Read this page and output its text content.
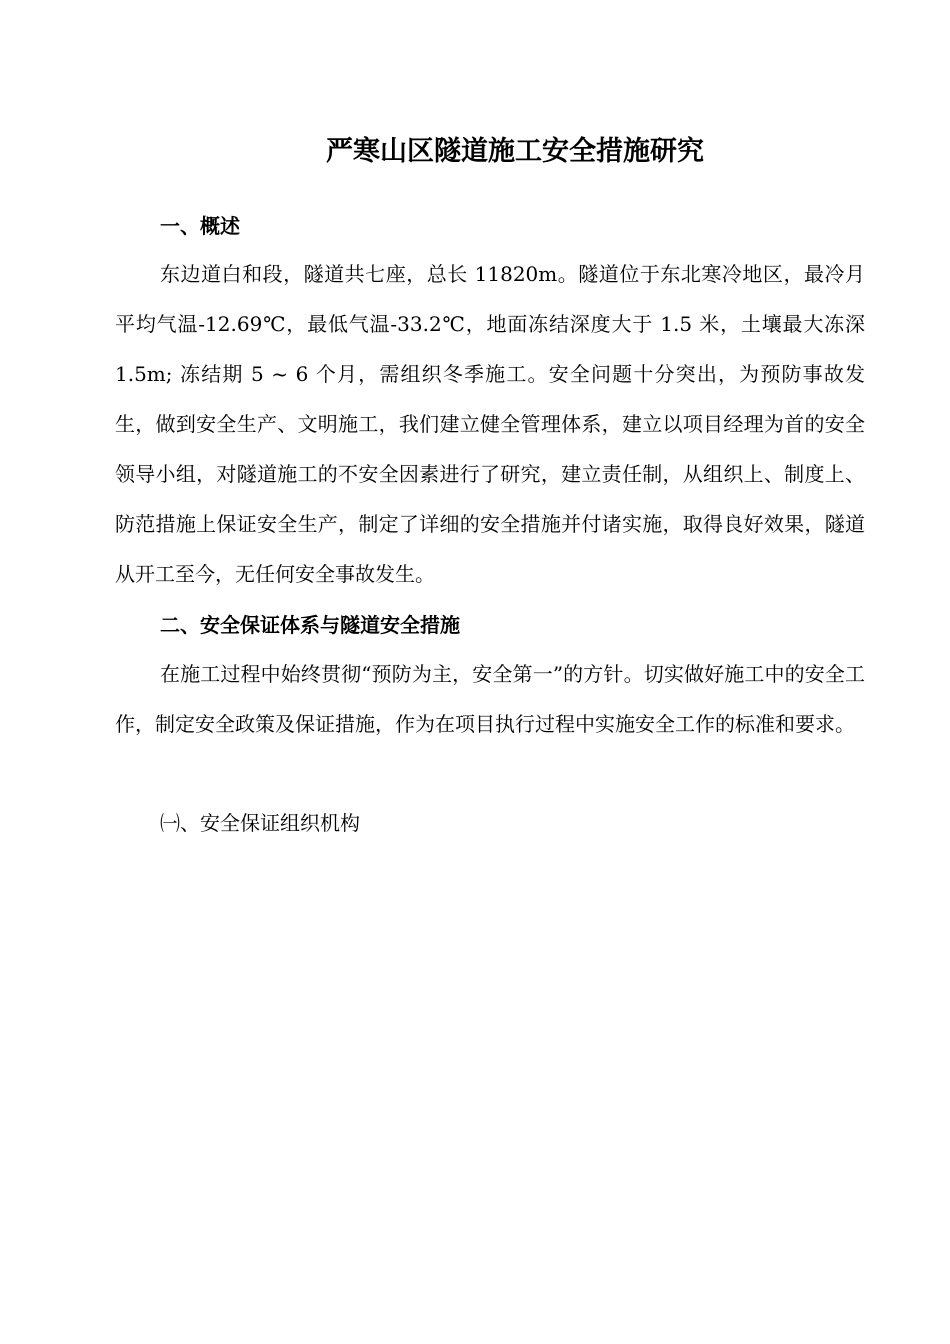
严寒山区隧道施工安全措施研究
一、概述

东边道白和段，隧道共七座，总长 11820m。隧道位于东北寒冷地区，最冷月平均气温-12.69℃，最低气温-33.2℃，地面冻结深度大于 1.5 米，土壤最大冻深 1.5m; 冻结期 5 ~ 6 个月，需组织冬季施工。安全问题十分突出，为预防事故发生，做到安全生产、文明施工，我们建立健全管理体系，建立以项目经理为首的安全领导小组，对隧道施工的不安全因素进行了研究，建立责任制，从组织上、制度上、防范措施上保证安全生产，制定了详细的安全措施并付诸实施，取得良好效果，隧道从开工至今，无任何安全事故发生。

二、安全保证体系与隧道安全措施

在施工过程中始终贯彻“预防为主，安全第一”的方针。切实做好施工中的安全工作，制定安全政策及保证措施，作为在项目执行过程中实施安全工作的标准和要求。

㈠、安全保证组织机构
